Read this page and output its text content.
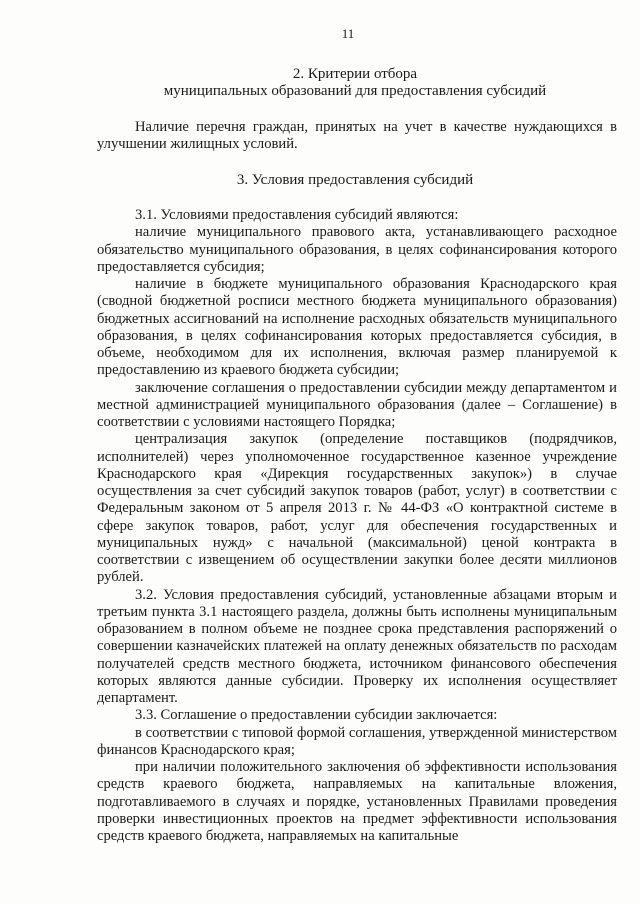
11
2. Критерии отбора
муниципальных образований для предоставления субсидий

Наличие перечня граждан, принятых на учет в качестве нуждающихся в улучшении жилищных условий.

3. Условия предоставления субсидий

3.1. Условиями предоставления субсидий являются:

наличие муниципального правового акта, устанавливающего расходное обязательство муниципального образования, в целях софинансирования которого предоставляется субсидия;

наличие в бюджете муниципального образования Краснодарского края (сводной бюджетной росписи местного бюджета муниципального образования) бюджетных ассигнований на исполнение расходных обязательств муниципального образования, в целях софинансирования которых предоставляется субсидия, в объеме, необходимом для их исполнения, включая размер планируемой к предоставлению из краевого бюджета субсидии;

заключение соглашения о предоставлении субсидии между департаментом и местной администрацией муниципального образования (далее – Соглашение) в соответствии с условиями настоящего Порядка;

централизация закупок (определение поставщиков (подрядчиков, исполнителей) через уполномоченное государственное казенное учреждение Краснодарского края «Дирекция государственных закупок») в случае осуществления за счет субсидий закупок товаров (работ, услуг) в соответствии с Федеральным законом от 5 апреля 2013 г. № 44-ФЗ «О контрактной системе в сфере закупок товаров, работ, услуг для обеспечения государственных и муниципальных нужд» с начальной (максимальной) ценой контракта в соответствии с извещением об осуществлении закупки более десяти миллионов рублей.

3.2. Условия предоставления субсидий, установленные абзацами вторым и третьим пункта 3.1 настоящего раздела, должны быть исполнены муниципальным образованием в полном объеме не позднее срока представления распоряжений о совершении казначейских платежей на оплату денежных обязательств по расходам получателей средств местного бюджета, источником финансового обеспечения которых являются данные субсидии. Проверку их исполнения осуществляет департамент.

3.3. Соглашение о предоставлении субсидии заключается:

в соответствии с типовой формой соглашения, утвержденной министерством финансов Краснодарского края;

при наличии положительного заключения об эффективности использования средств краевого бюджета, направляемых на капитальные вложения, подготавливаемого в случаях и порядке, установленных Правилами проведения проверки инвестиционных проектов на предмет эффективности использования средств краевого бюджета, направляемых на капитальные
